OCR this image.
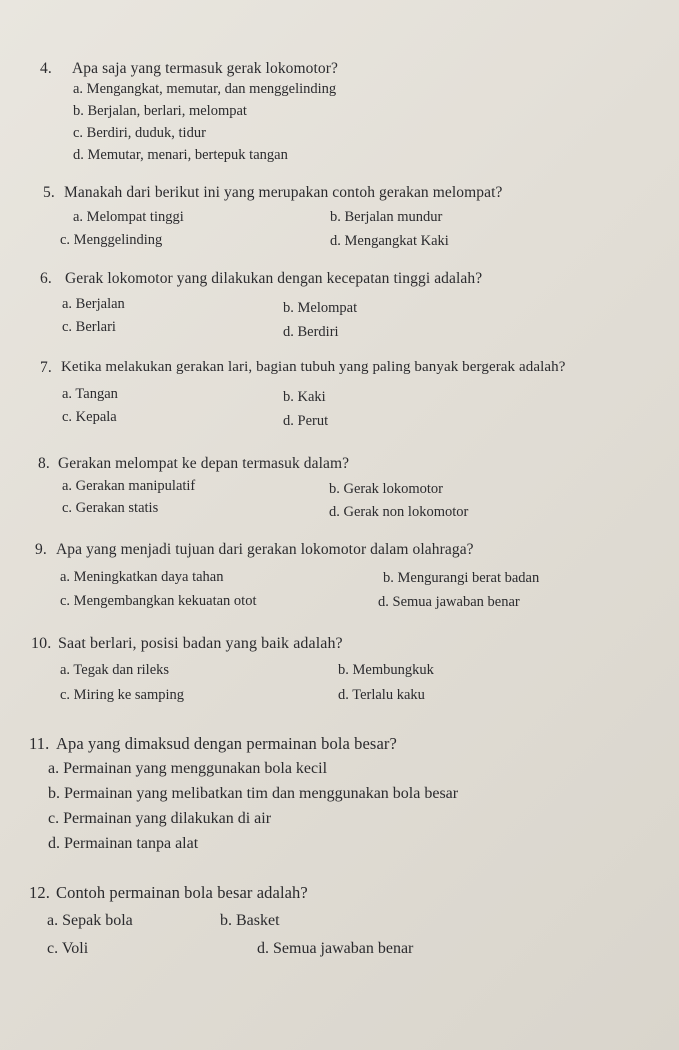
4. Apa saja yang termasuk gerak lokomotor?
a. Mengangkat, memutar, dan menggelinding
b. Berjalan, berlari, melompat
c. Berdiri, duduk, tidur
d. Memutar, menari, bertepuk tangan
5. Manakah dari berikut ini yang merupakan contoh gerakan melompat?
a. Melompat tinggi	b. Berjalan mundur
c. Menggelinding	d. Mengangkat Kaki
6. Gerak lokomotor yang dilakukan dengan kecepatan tinggi adalah?
a. Berjalan	b. Melompat
c. Berlari	d. Berdiri
7. Ketika melakukan gerakan lari, bagian tubuh yang paling banyak bergerak adalah?
a. Tangan	b. Kaki
c. Kepala	d. Perut
8. Gerakan melompat ke depan termasuk dalam?
a. Gerakan manipulatif	b. Gerak lokomotor
c. Gerakan statis	d. Gerak non lokomotor
9. Apa yang menjadi tujuan dari gerakan lokomotor dalam olahraga?
a. Meningkatkan daya tahan	b. Mengurangi berat badan
c. Mengembangkan kekuatan otot	d. Semua jawaban benar
10. Saat berlari, posisi badan yang baik adalah?
a. Tegak dan rileks	b. Membungkuk
c. Miring ke samping	d. Terlalu kaku
11. Apa yang dimaksud dengan permainan bola besar?
a. Permainan yang menggunakan bola kecil
b. Permainan yang melibatkan tim dan menggunakan bola besar
c. Permainan yang dilakukan di air
d. Permainan tanpa alat
12. Contoh permainan bola besar adalah?
a. Sepak bola	b. Basket
c. Voli	d. Semua jawaban benar
